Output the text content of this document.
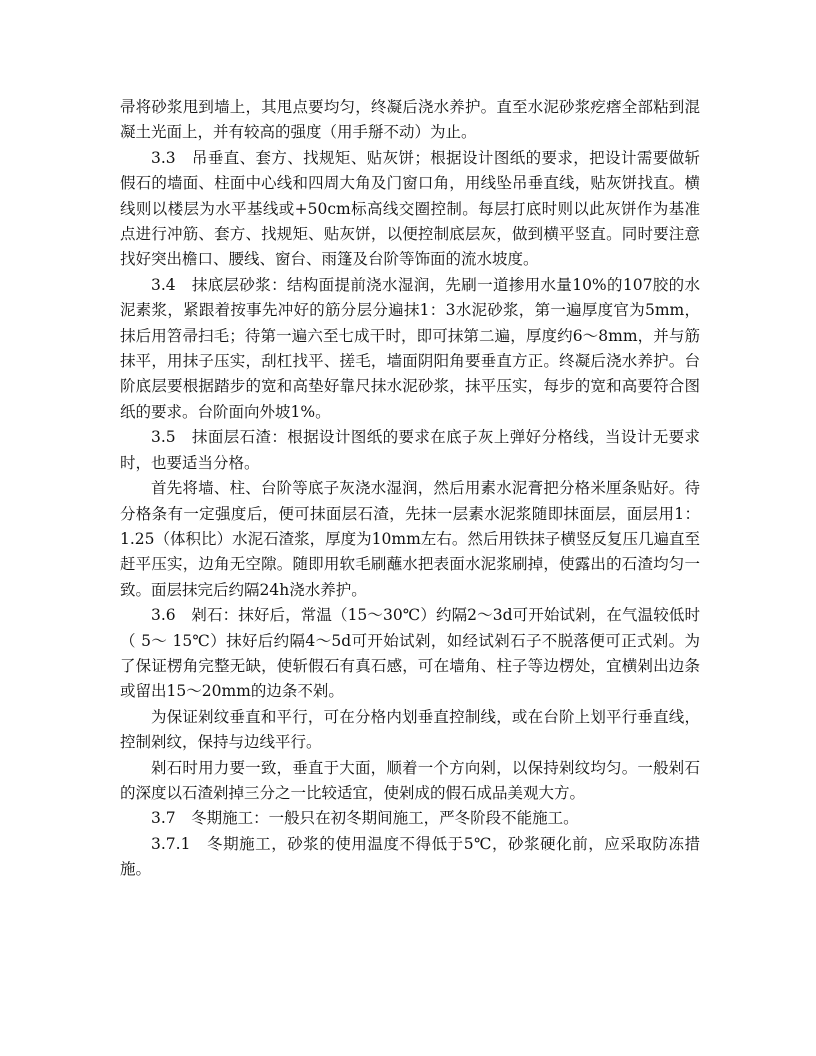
帚将砂浆甩到墙上，其甩点要均匀，终凝后浇水养护。直至水泥砂浆疙瘩全部粘到混凝土光面上，并有较高的强度（用手掰不动）为止。

3.3　吊垂直、套方、找规矩、贴灰饼；根据设计图纸的要求，把设计需要做斩假石的墙面、柱面中心线和四周大角及门窗口角，用线坠吊垂直线，贴灰饼找直。横线则以楼层为水平基线或+50cm标高线交圈控制。每层打底时则以此灰饼作为基准点进行冲筋、套方、找规矩、贴灰饼，以便控制底层灰，做到横平竖直。同时要注意找好突出檐口、腰线、窗台、雨篷及台阶等饰面的流水坡度。

3.4　抹底层砂浆：结构面提前浇水湿润，先刷一道掺用水量10%的107胶的水泥素浆，紧跟着按事先冲好的筋分层分遍抹1：3水泥砂浆，第一遍厚度官为5mm，抹后用笤帚扫毛；待第一遍六至七成干时，即可抹第二遍，厚度约6～8mm，并与筋抹平，用抹子压实，刮杠找平、搓毛，墙面阴阳角要垂直方正。终凝后浇水养护。台阶底层要根据踏步的宽和高垫好靠尺抹水泥砂浆，抹平压实，每步的宽和高要符合图纸的要求。台阶面向外坡1%。

3.5　抹面层石渣：根据设计图纸的要求在底子灰上弹好分格线，当设计无要求时，也要适当分格。

首先将墙、柱、台阶等底子灰浇水湿润，然后用素水泥膏把分格米厘条贴好。待分格条有一定强度后，便可抹面层石渣，先抹一层素水泥浆随即抹面层，面层用1：1.25（体积比）水泥石渣浆，厚度为10mm左右。然后用铁抹子横竖反复压几遍直至赶平压实，边角无空隙。随即用软毛刷蘸水把表面水泥浆刷掉，使露出的石渣均匀一致。面层抹完后约隔24h浇水养护。

3.6　剁石：抹好后，常温（15～30℃）约隔2～3d可开始试剁，在气温较低时（ 5～ 15℃）抹好后约隔4～5d可开始试剁，如经试剁石子不脱落便可正式剁。为了保证楞角完整无缺，使斩假石有真石感，可在墙角、柱子等边楞处，宜横剁出边条或留出15～20mm的边条不剁。

为保证剁纹垂直和平行，可在分格内划垂直控制线，或在台阶上划平行垂直线，控制剁纹，保持与边线平行。

剁石时用力要一致，垂直于大面，顺着一个方向剁，以保持剁纹均匀。一般剁石的深度以石渣剁掉三分之一比较适宜，使剁成的假石成品美观大方。

3.7　冬期施工：一般只在初冬期间施工，严冬阶段不能施工。

3.7.1　冬期施工，砂浆的使用温度不得低于5℃，砂浆硬化前，应采取防冻措施。
